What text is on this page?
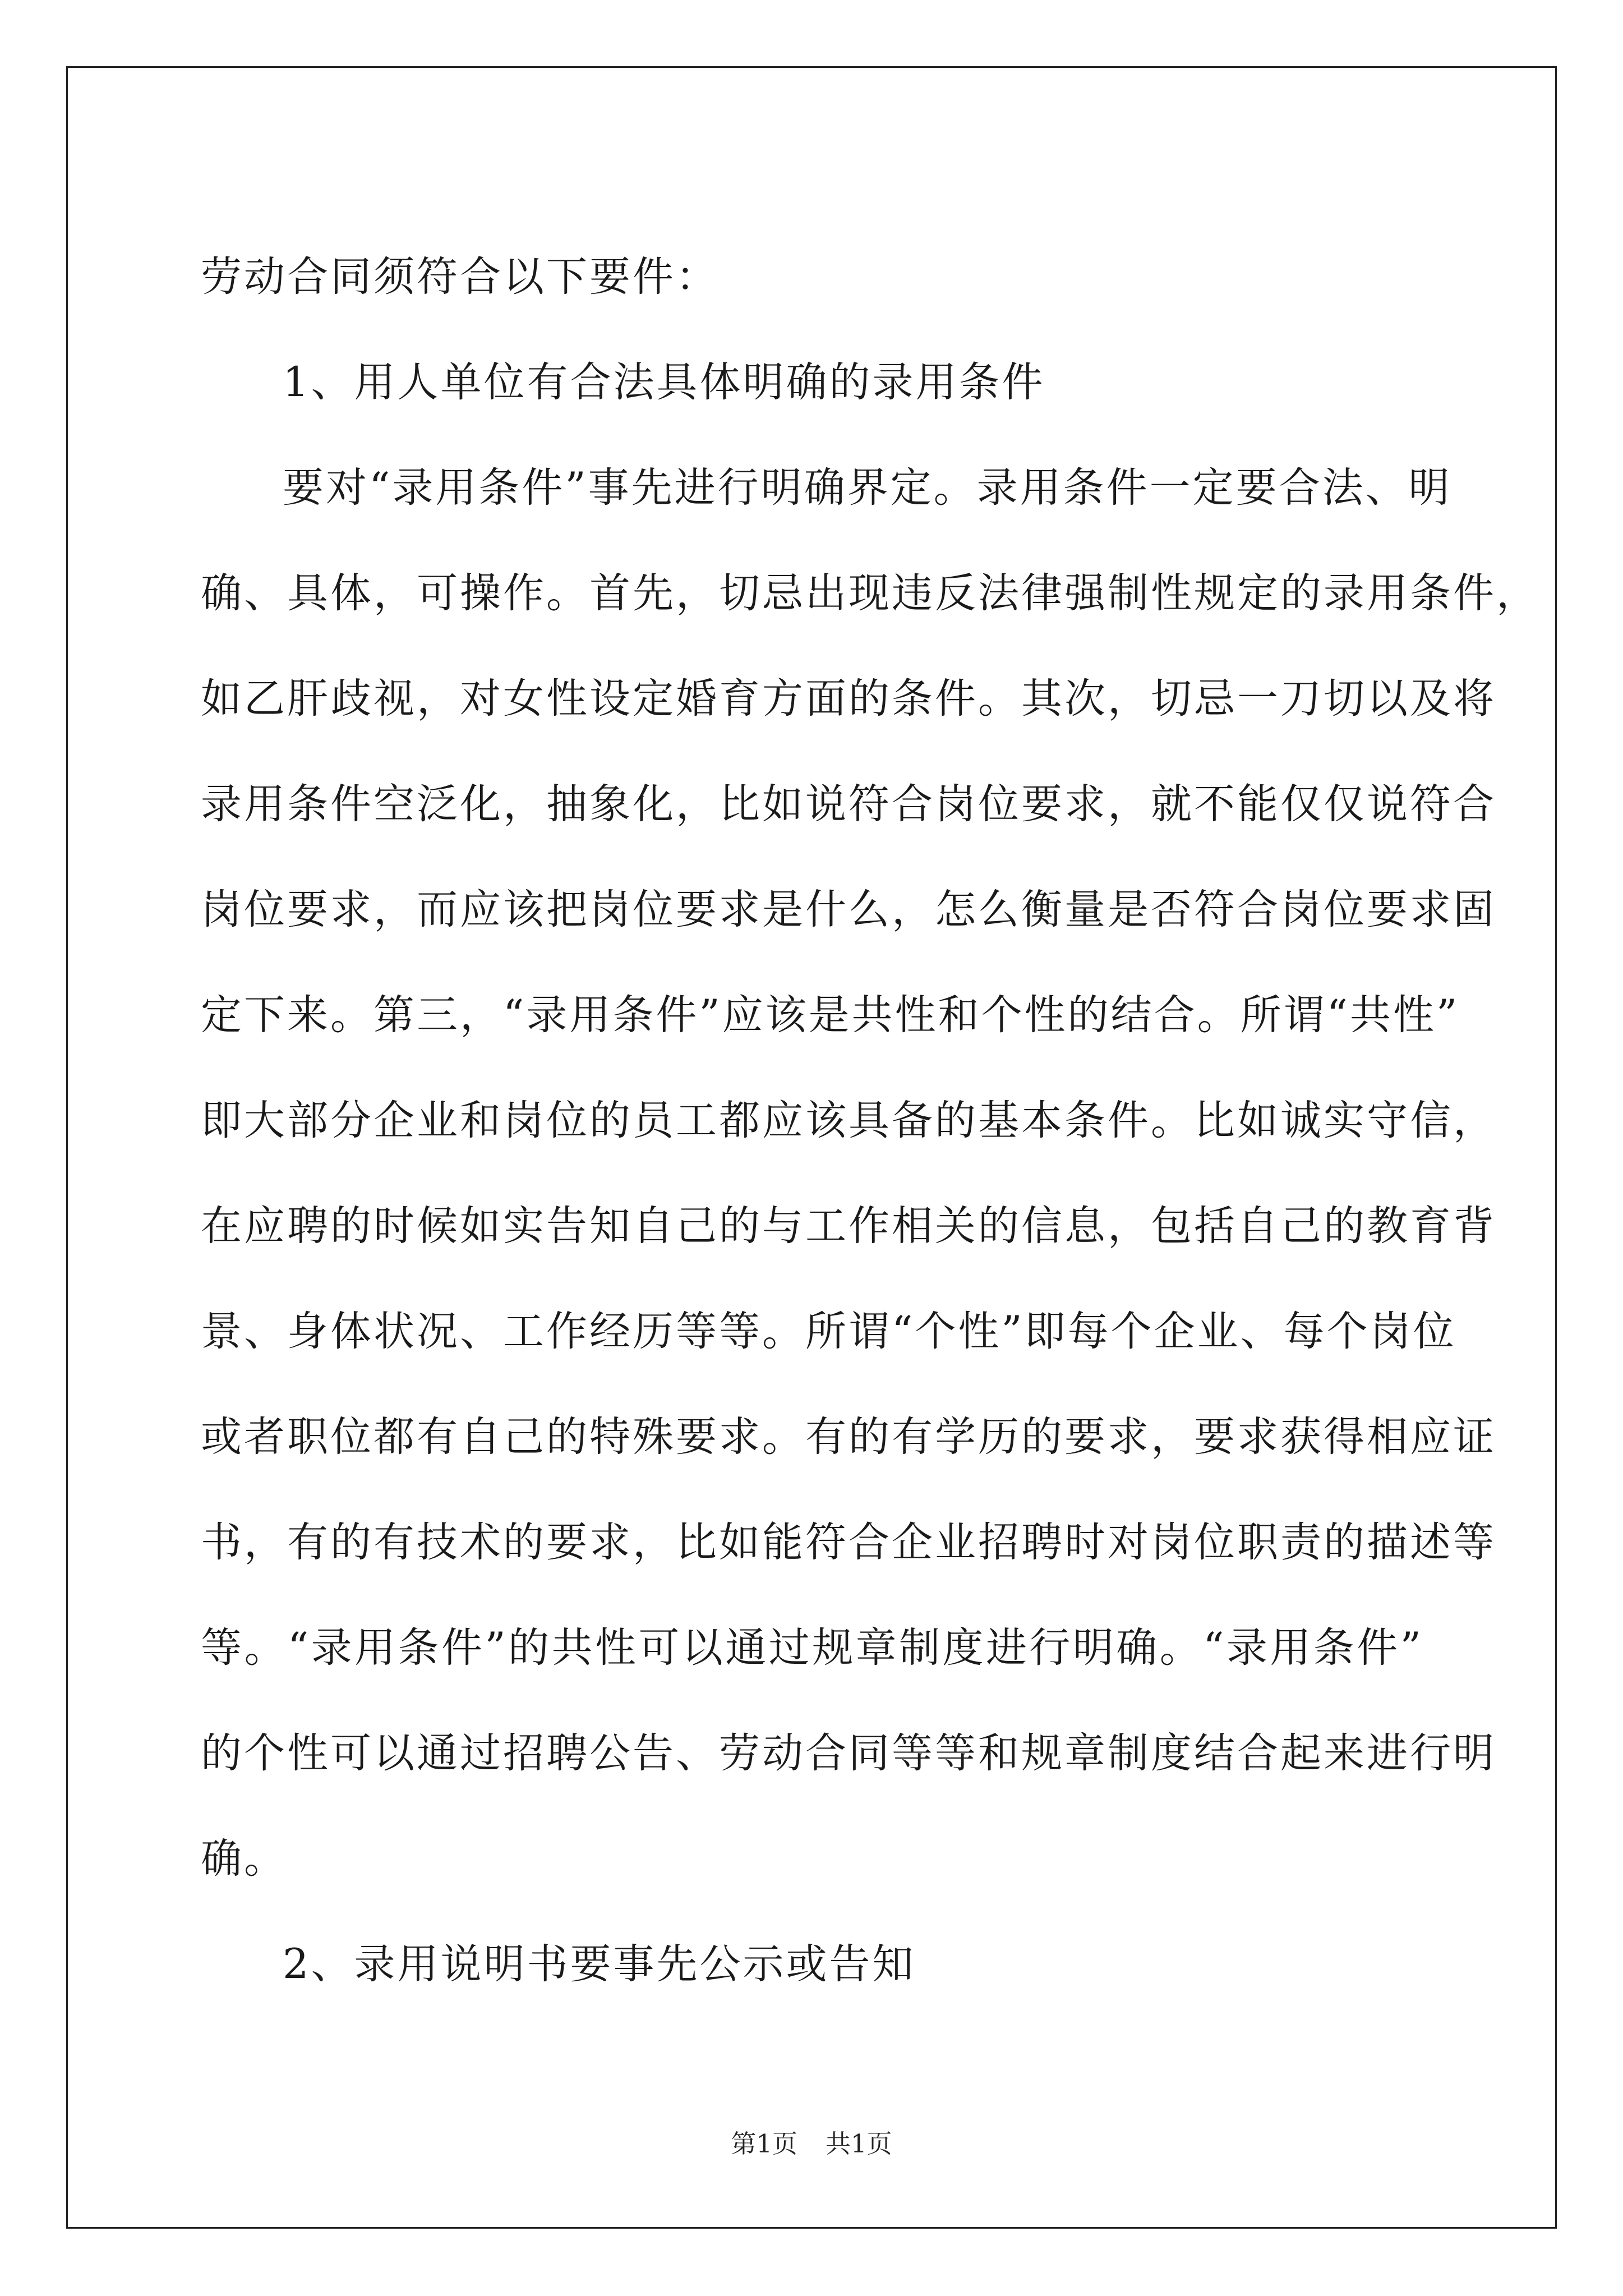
劳动合同须符合以下要件：
1、用人单位有合法具体明确的录用条件
要对“录用条件”事先进行明确界定。录用条件一定要合法、明
确、具体，可操作。首先，切忌出现违反法律强制性规定的录用条件，
如乙肝歧视，对女性设定婚育方面的条件。其次，切忌一刀切以及将
录用条件空泛化，抽象化，比如说符合岗位要求，就不能仅仅说符合
岗位要求，而应该把岗位要求是什么，怎么衡量是否符合岗位要求固
定下来。第三，“录用条件”应该是共性和个性的结合。所谓“共性”
即大部分企业和岗位的员工都应该具备的基本条件。比如诚实守信，
在应聘的时候如实告知自己的与工作相关的信息，包括自己的教育背
景、身体状况、工作经历等等。所谓“个性”即每个企业、每个岗位
或者职位都有自己的特殊要求。有的有学历的要求，要求获得相应证
书，有的有技术的要求，比如能符合企业招聘时对岗位职责的描述等
等。“录用条件”的共性可以通过规章制度进行明确。“录用条件”
的个性可以通过招聘公告、劳动合同等等和规章制度结合起来进行明
确。
2、录用说明书要事先公示或告知
第1页 共1页
